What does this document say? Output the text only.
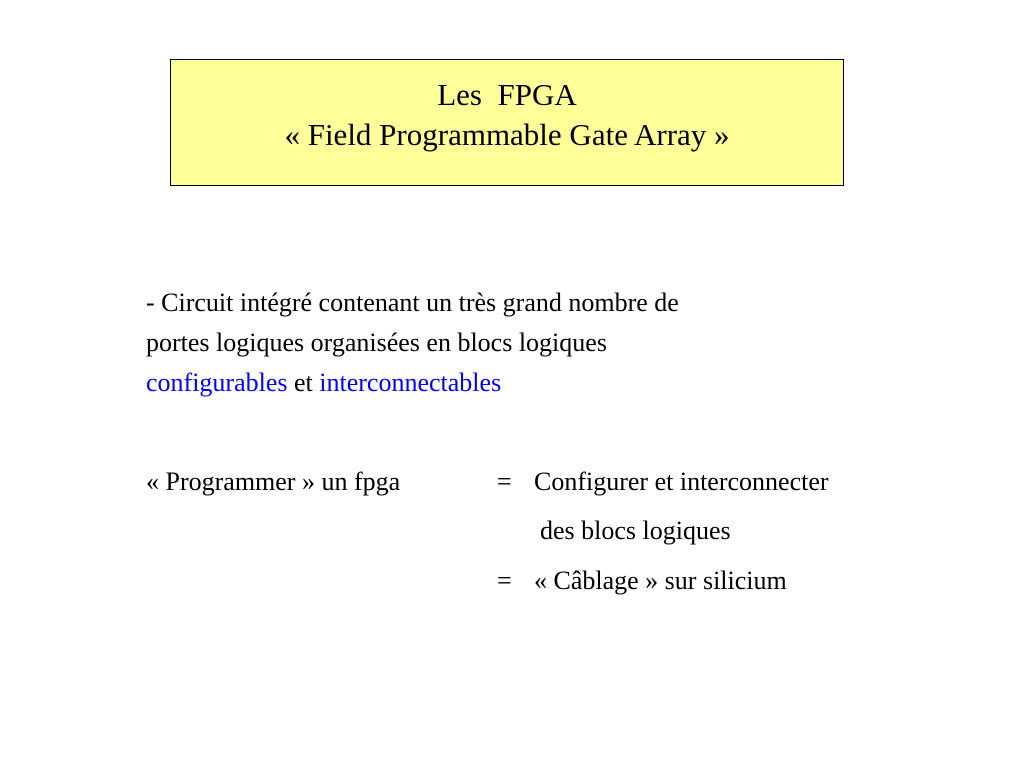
Les  FPGA
« Field Programmable Gate Array »
- Circuit intégré contenant un très grand nombre de
portes logiques organisées en blocs logiques
configurables et interconnectables
« Programmer » un fpga	= Configurer et interconnecter
des blocs logiques
= « Câblage » sur silicium
